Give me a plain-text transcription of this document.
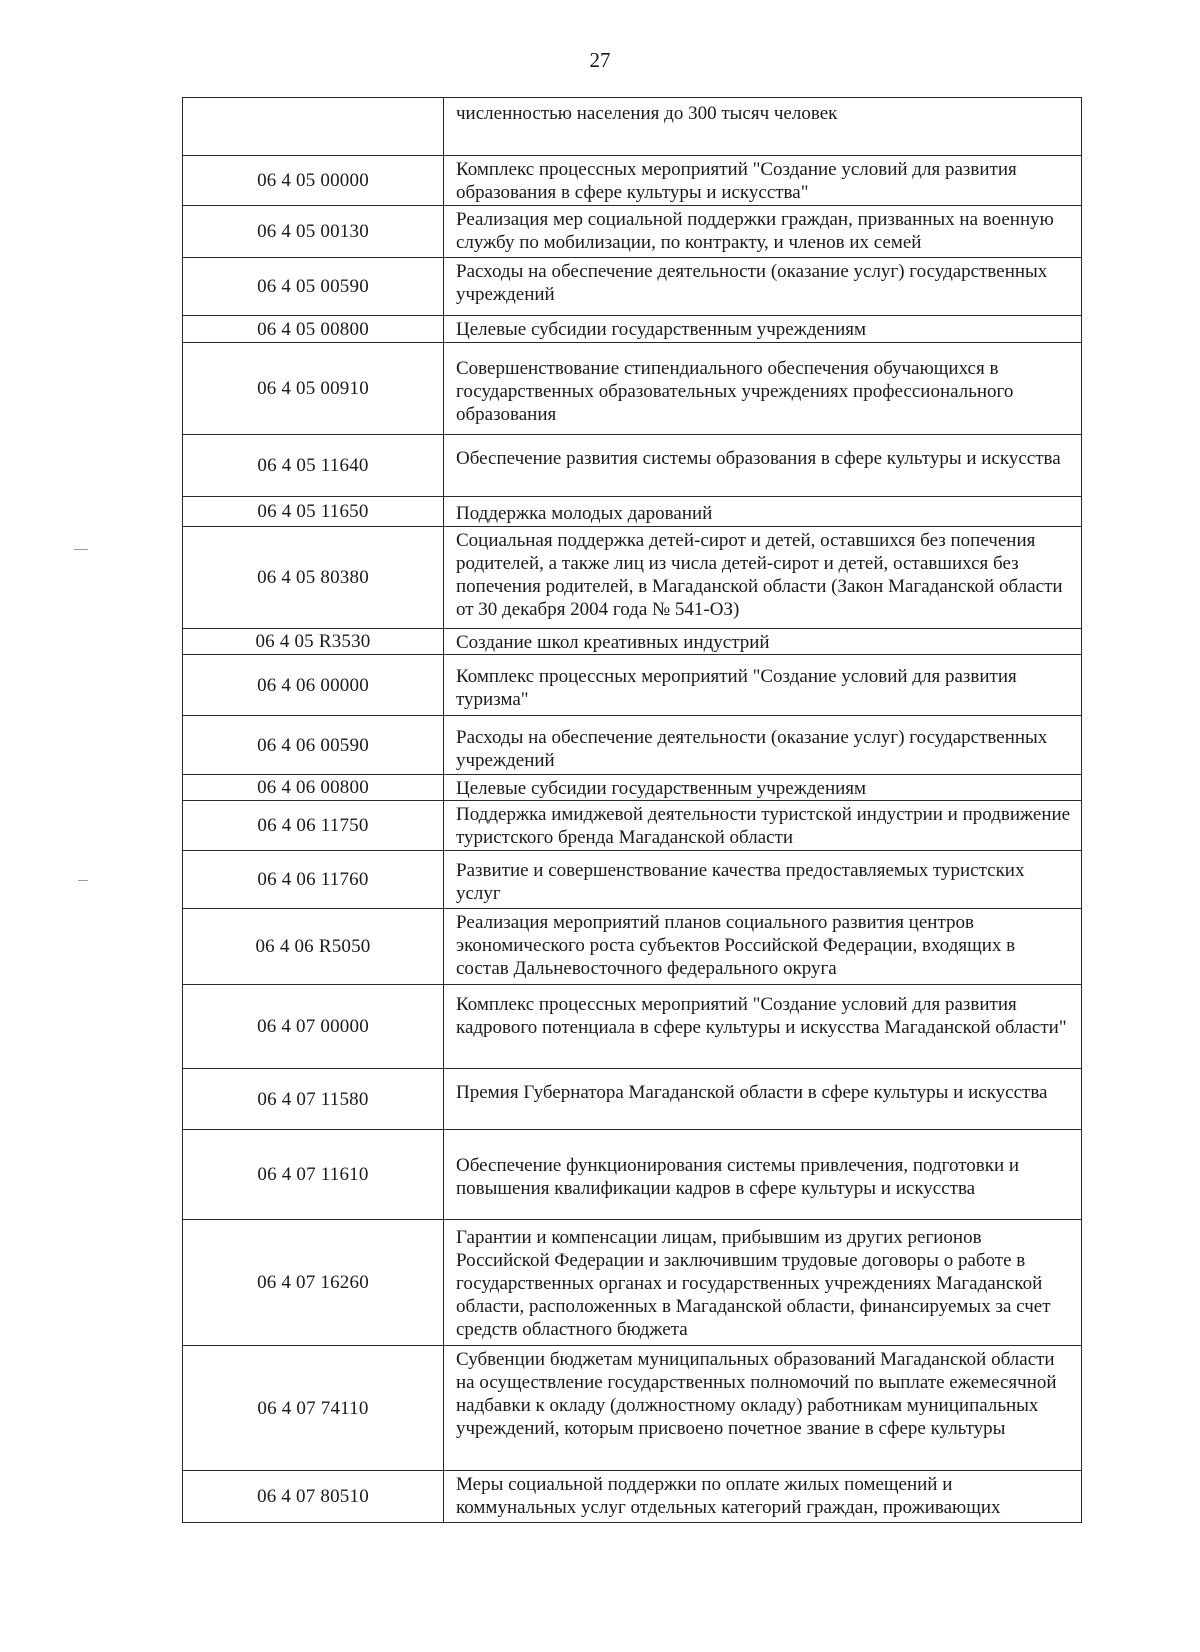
27
	численностью населения до 300 тысяч человек
06 4 05 00000	Комплекс процессных мероприятий "Создание условий для развития образования в сфере культуры и искусства"
06 4 05 00130	Реализация мер социальной поддержки граждан, призванных на военную службу по мобилизации, по контракту, и членов их семей
06 4 05 00590	Расходы на обеспечение деятельности (оказание услуг) государственных учреждений
06 4 05 00800	Целевые субсидии государственным учреждениям
06 4 05 00910	Совершенствование стипендиального обеспечения обучающихся в государственных образовательных учреждениях профессионального образования
06 4 05 11640	Обеспечение развития системы образования в сфере культуры и искусства
06 4 05 11650	Поддержка молодых дарований
06 4 05 80380	Социальная поддержка детей-сирот и детей, оставшихся без попечения родителей, а также лиц из числа детей-сирот и детей, оставшихся без попечения родителей, в Магаданской области (Закон Магаданской области от 30 декабря 2004 года № 541-ОЗ)
06 4 05 R3530	Создание школ креативных индустрий
06 4 06 00000	Комплекс процессных мероприятий "Создание условий для развития туризма"
06 4 06 00590	Расходы на обеспечение деятельности (оказание услуг) государственных учреждений
06 4 06 00800	Целевые субсидии государственным учреждениям
06 4 06 11750	Поддержка имиджевой деятельности туристской индустрии и продвижение туристского бренда Магаданской области
06 4 06 11760	Развитие и совершенствование качества предоставляемых туристских услуг
06 4 06 R5050	Реализация мероприятий планов социального развития центров экономического роста субъектов Российской Федерации, входящих в состав Дальневосточного федерального округа
06 4 07 00000	Комплекс процессных мероприятий "Создание условий для развития кадрового потенциала в сфере культуры и искусства Магаданской области"
06 4 07 11580	Премия Губернатора Магаданской области в сфере культуры и искусства
06 4 07 11610	Обеспечение функционирования системы привлечения, подготовки и повышения квалификации кадров в сфере культуры и искусства
06 4 07 16260	Гарантии и компенсации лицам, прибывшим из других регионов Российской Федерации и заключившим трудовые договоры о работе в государственных органах и государственных учреждениях Магаданской области, расположенных в Магаданской области, финансируемых за счет средств областного бюджета
06 4 07 74110	Субвенции бюджетам муниципальных образований Магаданской области на осуществление государственных полномочий по выплате ежемесячной надбавки к окладу (должностному окладу) работникам муниципальных учреждений, которым присвоено почетное звание в сфере культуры
06 4 07 80510	Меры социальной поддержки по оплате жилых помещений и коммунальных услуг отдельных категорий граждан, проживающих
